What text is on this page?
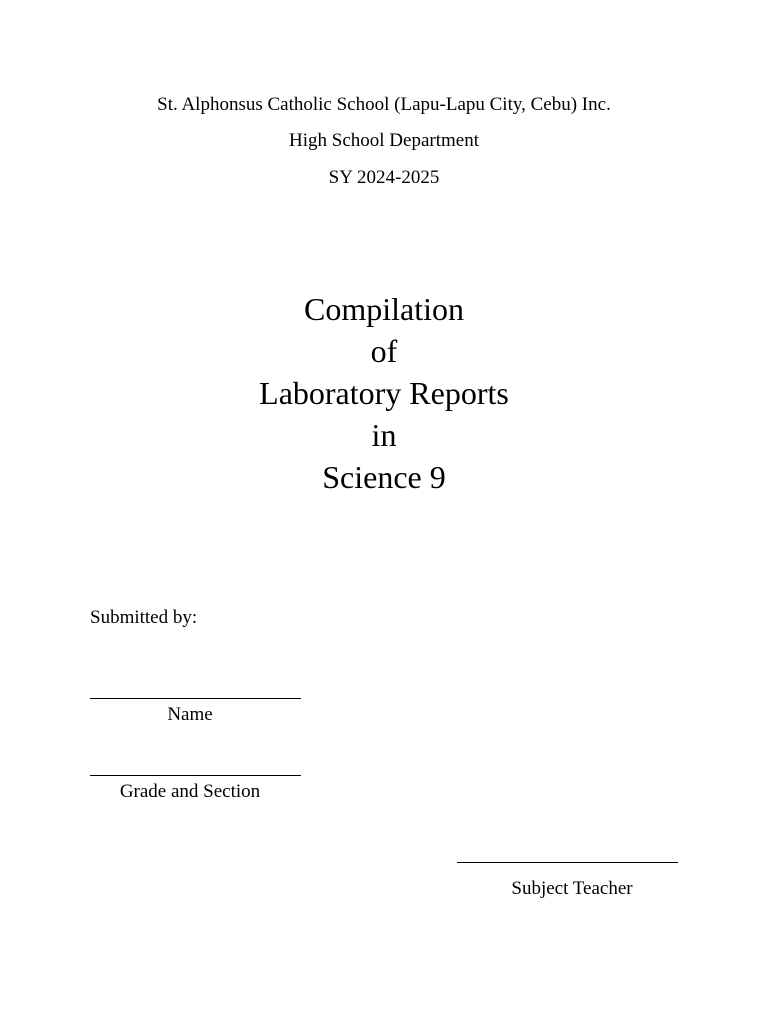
St. Alphonsus Catholic School (Lapu-Lapu City, Cebu) Inc.
High School Department
SY 2024-2025
Compilation
of
Laboratory Reports
in
Science 9
Submitted by:
Name
Grade and Section
Subject Teacher
